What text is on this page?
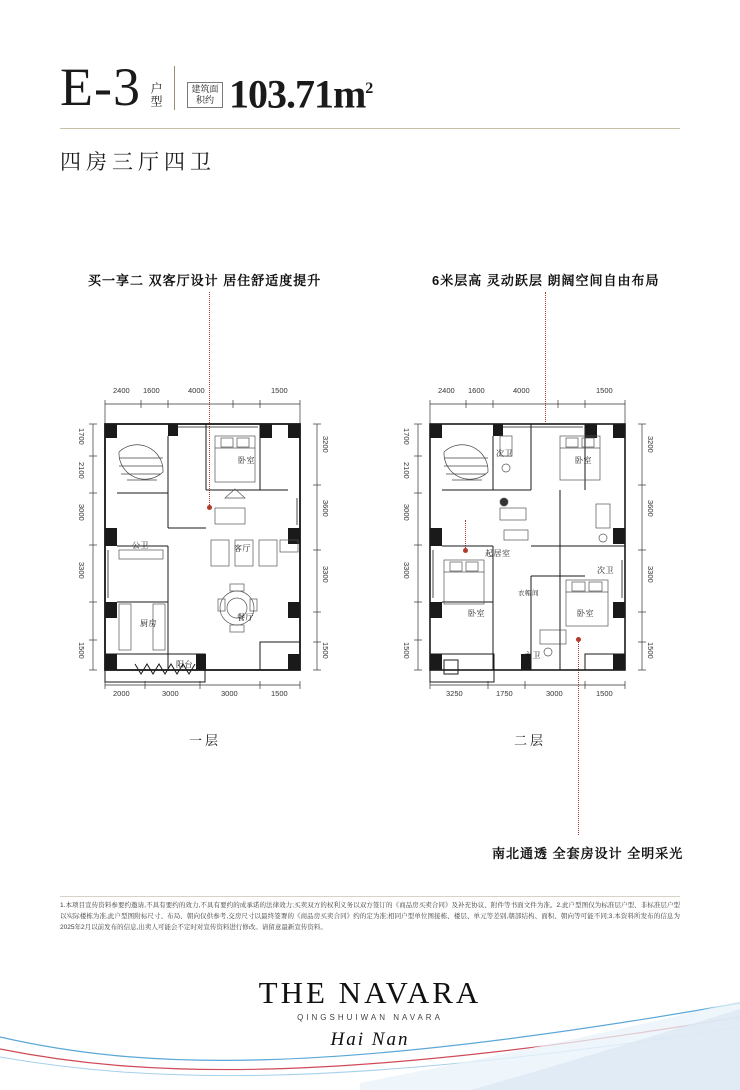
E-3 户型	建筑面积约 $103.71m^2$
四房三厅四卫
买一享二 双客厅设计 居住舒适度提升	6米层高 灵动跃层 朗阔空间自由布局
南北通透 全套房设计 全明采光
2400 1600	4000	1500
1700
2100
3000
3300
1500
3200
3600
3300
1500
2000	3000	3000	1500
卧室
公卫	客厅
厨房
餐厅
阳台
一层
2400 1600	4000	1500
1700
2100
3000
3300
1500
3200
3600
3300
1500
3250	1750	3000	1500
次卫
卧室
起居室
次卫
卧室	卧室
主卫
衣帽间
二层
1.本项目宣传资料参要约邀请,不具有要约的效力,不具有要约的成承诺的法律效力;买卖双方的权利义务以双方签订的《商品房买卖合同》及补充协议、附件等书面文件为准。2.此户型图仅为标准层户型、非标准层户型以实际楼栋为准,此户型图附标尺寸、布局、朝向仅供参考,交房尺寸以最终签署的《商品房买卖合同》约的定为准;相同户型单位图接栋、楼层、单元等差别,朝部结构、面积、朝向等可能不同;3.本资料所发布的信息为2025年2月以前发布的信息,出卖人可能会不定时对宣传资料进行修改。请留意最新宣传资料。
THE NAVARA
QINGSHUIWAN NAVARA
Hai Nan
